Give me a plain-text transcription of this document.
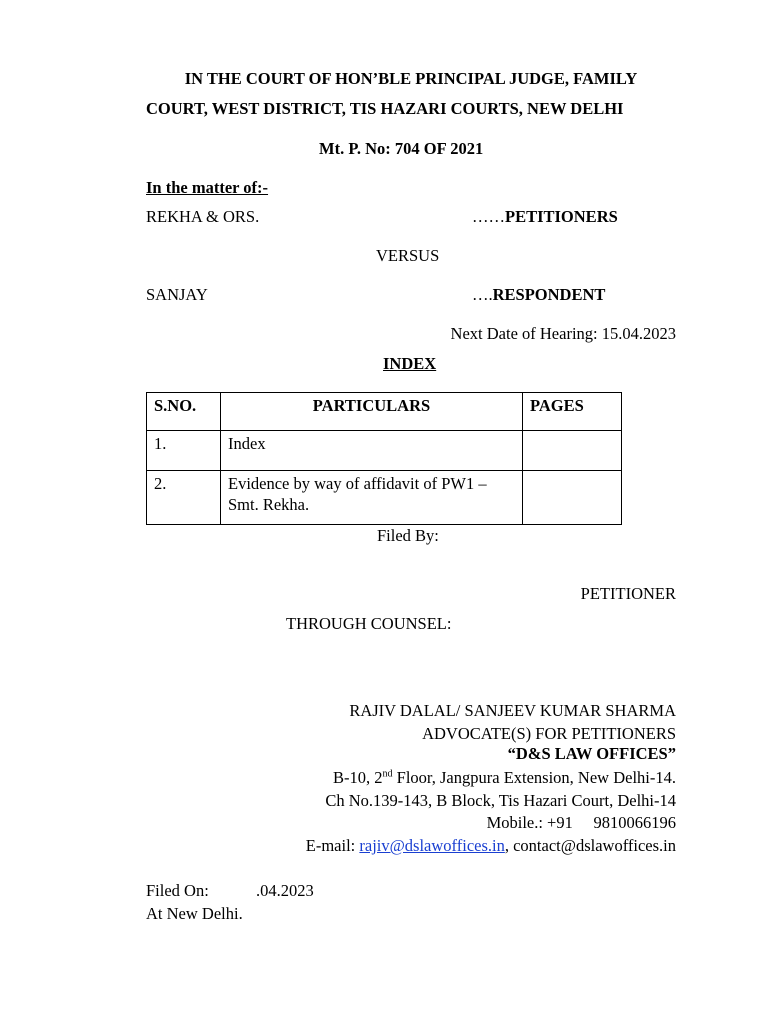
IN THE COURT OF HON’BLE PRINCIPAL JUDGE, FAMILY
COURT, WEST DISTRICT, TIS HAZARI COURTS, NEW DELHI
Mt. P. No: 704 OF 2021
In the matter of:-
REKHA & ORS.	……PETITIONERS
VERSUS
SANJAY	….RESPONDENT
Next Date of Hearing: 15.04.2023
INDEX
S.NO.	PARTICULARS	PAGES
1.	Index	
2.	Evidence by way of affidavit of PW1 –
Smt. Rekha.	

Filed By:
PETITIONER
THROUGH COUNSEL:
RAJIV DALAL/ SANJEEV KUMAR SHARMA
ADVOCATE(S) FOR PETITIONERS
“D&S LAW OFFICES”
B-10, 2nd Floor, Jangpura Extension, New Delhi-14.
Ch No.139-143, B Block, Tis Hazari Court, Delhi-14
Mobile.: +91     9810066196
E-mail: rajiv@dslawoffices.in, contact@dslawoffices.in
Filed On:	.04.2023
At New Delhi.
